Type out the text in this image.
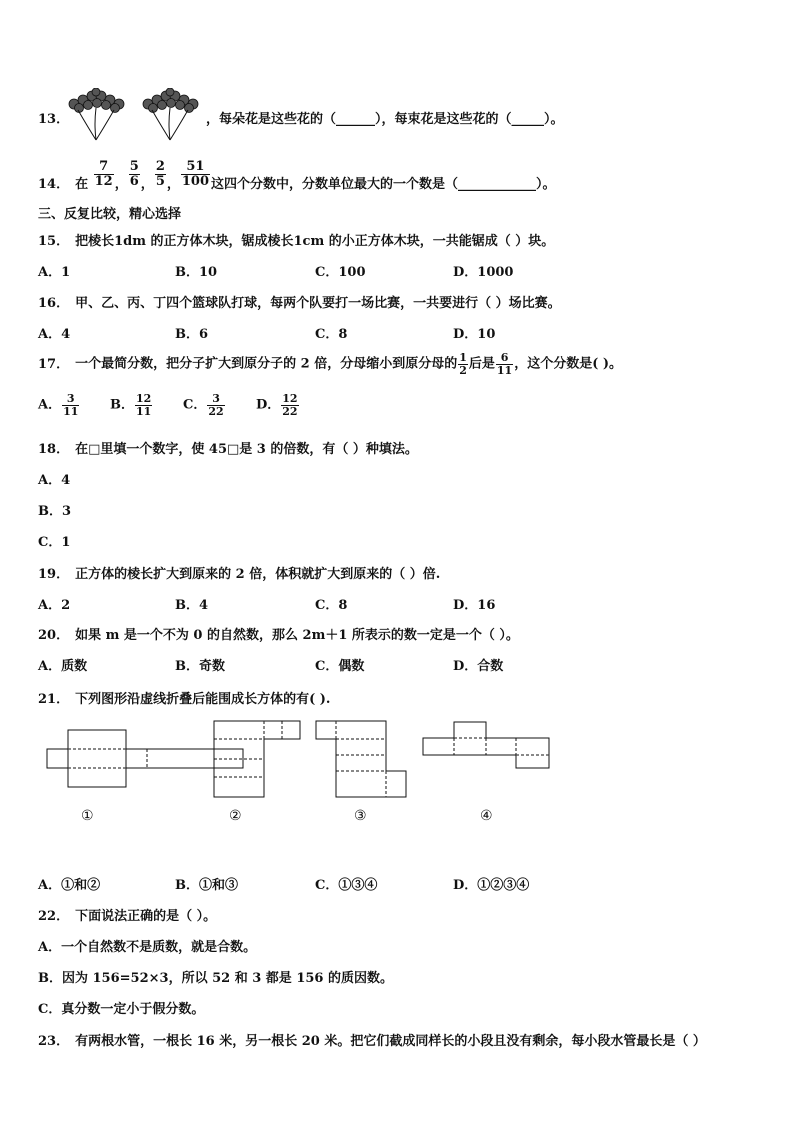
13．	，每朵花是这些花的（______），每束花是这些花的（_____）。
14． 在 $\frac{7}{12}$ ， $\frac{5}{6}$ ， $\frac{2}{5}$ ， $\frac{51}{100}$ 这四个分数中，分数单位最大的一个数是（____________）。
三、反复比较，精心选择
15． 把棱长1dm 的正方体木块，锯成棱长1cm 的小正方体木块，一共能锯成（ ）块。
A．1	B．10	C．100	D．1000
16． 甲、乙、丙、丁四个篮球队打球，每两个队要打一场比赛，一共要进行（ ）场比赛。
A．4	B．6	C．8	D．10
17． 一个最简分数，把分子扩大到原分子的 2 倍，分母缩小到原分母的 $\frac{1}{2}$ 后是 $\frac{6}{11}$ ，这个分数是( )。
A． $\frac{3}{11}$ B． $\frac{12}{11}$ C． $\frac{3}{22}$ D． $\frac{12}{22}$
18． 在□里填一个数字，使 45□是 3 的倍数，有（ ）种填法。
A．4
B．3
C．1
19． 正方体的棱长扩大到原来的 2 倍，体积就扩大到原来的（ ）倍.
A．2	B．4	C．8	D．16
20． 如果 m 是一个不为 0 的自然数，那么 2m＋1 所表示的数一定是一个（ ）。
A．质数	B．奇数	C．偶数	D．合数
21． 下列图形沿虚线折叠后能围成长方体的有( ).
①	②	③	④
A．①和②	B．①和③	C．①③④	D．①②③④
22． 下面说法正确的是（ ）。
A．一个自然数不是质数，就是合数。
B．因为 156=52×3，所以 52 和 3 都是 156 的质因数。
C．真分数一定小于假分数。
23． 有两根水管，一根长 16 米，另一根长 20 米。把它们截成同样长的小段且没有剩余，每小段水管最长是（ ）
